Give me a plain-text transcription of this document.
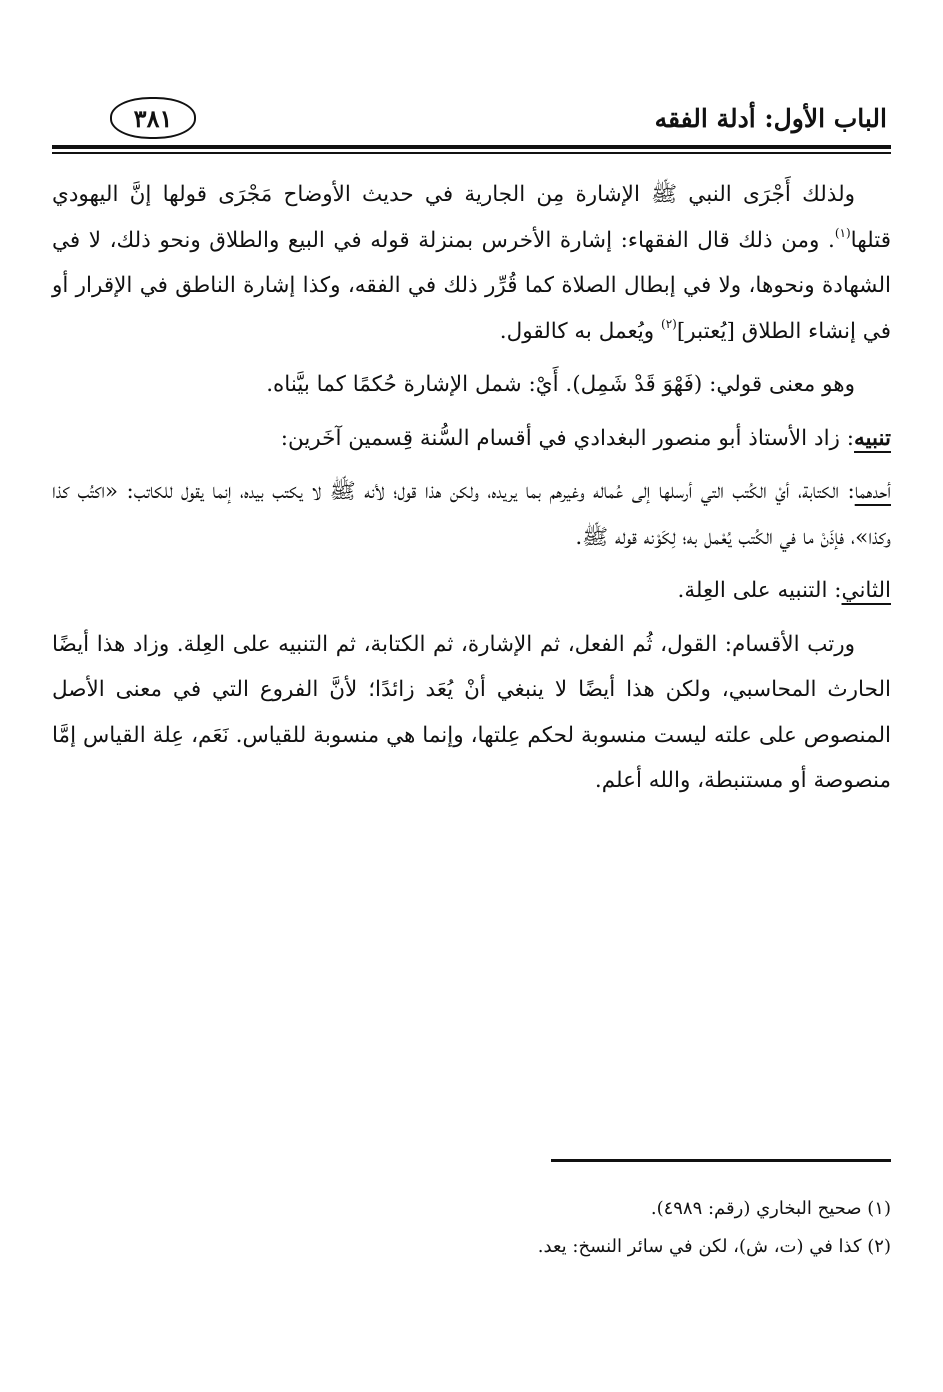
الباب الأول: أدلة الفقه
٣٨١

ولذلك أَجْرَى النبي ﷺ الإشارة مِن الجارية في حديث الأوضاح مَجْرَى قولها إنَّ اليهودي قتلها$^{(١)}$. ومن ذلك قال الفقهاء: إشارة الأخرس بمنزلة قوله في البيع والطلاق ونحو ذلك، لا في الشهادة ونحوها، ولا في إبطال الصلاة كما قُرِّر ذلك في الفقه، وكذا إشارة الناطق في الإقرار أو في إنشاء الطلاق [يُعتبر]$^{(٢)}$ ويُعمل به كالقول.

وهو معنى قولي: (فَهْوَ قَدْ شَمِل). أَيْ: شمل الإشارة حُكمًا كما بيَّناه.

تنبيه: زاد الأستاذ أبو منصور البغدادي في أقسام السُّنة قِسمين آخَرين:

أحدهما: الكتابة، أيْ الكُتب التي أرسلها إلى عُماله وغيرهم بما يريده، ولكن هذا قول؛ لأنه ﷺ لا يكتب بيده، إنما يقول للكاتب: «اكتُب كذا وكذا»، فإذَنْ ما في الكُتب يُعْمل به؛ لِكَوْنه قوله ﷺ.

الثاني: التنبيه على العِلة.

ورتب الأقسام: القول، ثُم الفعل، ثم الإشارة، ثم الكتابة، ثم التنبيه على العِلة. وزاد هذا أيضًا الحارث المحاسبي، ولكن هذا أيضًا لا ينبغي أنْ يُعَد زائدًا؛ لأنَّ الفروع التي في معنى الأصل المنصوص على علته ليست منسوبة لحكم عِلتها، وإنما هي منسوبة للقياس. نَعَم، عِلة القياس إمَّا منصوصة أو مستنبطة، والله أعلم.

(١) صحيح البخاري (رقم: ٤٩٨٩).

(٢) كذا في (ت، ش)، لكن في سائر النسخ: يعد.
